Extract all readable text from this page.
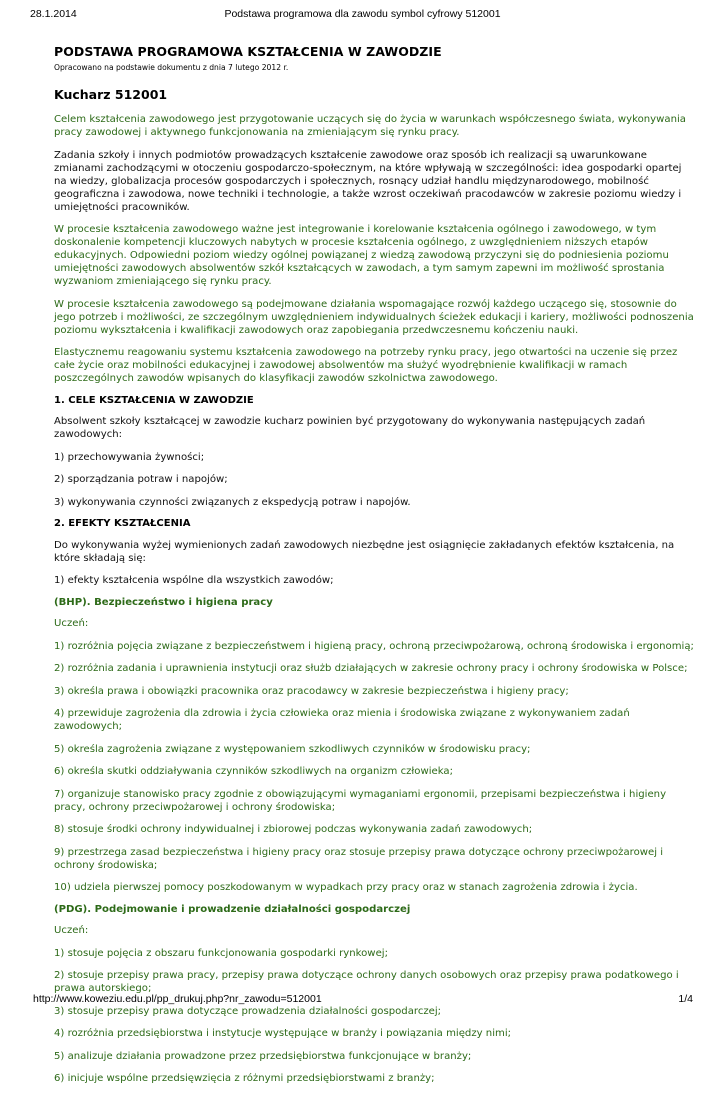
28.1.2014	Podstawa programowa dla zawodu symbol cyfrowy 512001
PODSTAWA PROGRAMOWA KSZTAŁCENIA W ZAWODZIE
Opracowano na podstawie dokumentu z dnia 7 lutego 2012 r.
Kucharz 512001

Celem kształcenia zawodowego jest przygotowanie uczących się do życia w warunkach współczesnego świata, wykonywania pracy zawodowej i aktywnego funkcjonowania na zmieniającym się rynku pracy.

Zadania szkoły i innych podmiotów prowadzących kształcenie zawodowe oraz sposób ich realizacji są uwarunkowane zmianami zachodzącymi w otoczeniu gospodarczo-społecznym, na które wpływają w szczególności: idea gospodarki opartej na wiedzy, globalizacja procesów gospodarczych i społecznych, rosnący udział handlu międzynarodowego, mobilność geograficzna i zawodowa, nowe techniki i technologie, a także wzrost oczekiwań pracodawców w zakresie poziomu wiedzy i umiejętności pracowników.

W procesie kształcenia zawodowego ważne jest integrowanie i korelowanie kształcenia ogólnego i zawodowego, w tym doskonalenie kompetencji kluczowych nabytych w procesie kształcenia ogólnego, z uwzględnieniem niższych etapów edukacyjnych. Odpowiedni poziom wiedzy ogólnej powiązanej z wiedzą zawodową przyczyni się do podniesienia poziomu umiejętności zawodowych absolwentów szkół kształcących w zawodach, a tym samym zapewni im możliwość sprostania wyzwaniom zmieniającego się rynku pracy.

W procesie kształcenia zawodowego są podejmowane działania wspomagające rozwój każdego uczącego się, stosownie do jego potrzeb i możliwości, ze szczególnym uwzględnieniem indywidualnych ścieżek edukacji i kariery, możliwości podnoszenia poziomu wykształcenia i kwalifikacji zawodowych oraz zapobiegania przedwczesnemu kończeniu nauki.

Elastycznemu reagowaniu systemu kształcenia zawodowego na potrzeby rynku pracy, jego otwartości na uczenie się przez całe życie oraz mobilności edukacyjnej i zawodowej absolwentów ma służyć wyodrębnienie kwalifikacji w ramach poszczególnych zawodów wpisanych do klasyfikacji zawodów szkolnictwa zawodowego.

1. CELE KSZTAŁCENIA W ZAWODZIE

Absolwent szkoły kształcącej w zawodzie kucharz powinien być przygotowany do wykonywania następujących zadań zawodowych:

1) przechowywania żywności;

2) sporządzania potraw i napojów;

3) wykonywania czynności związanych z ekspedycją potraw i napojów.

2. EFEKTY KSZTAŁCENIA

Do wykonywania wyżej wymienionych zadań zawodowych niezbędne jest osiągnięcie zakładanych efektów kształcenia, na które składają się:

1) efekty kształcenia wspólne dla wszystkich zawodów;

(BHP). Bezpieczeństwo i higiena pracy

Uczeń:

1) rozróżnia pojęcia związane z bezpieczeństwem i higieną pracy, ochroną przeciwpożarową, ochroną środowiska i ergonomią;

2) rozróżnia zadania i uprawnienia instytucji oraz służb działających w zakresie ochrony pracy i ochrony środowiska w Polsce;

3) określa prawa i obowiązki pracownika oraz pracodawcy w zakresie bezpieczeństwa i higieny pracy;

4) przewiduje zagrożenia dla zdrowia i życia człowieka oraz mienia i środowiska związane z wykonywaniem zadań zawodowych;

5) określa zagrożenia związane z występowaniem szkodliwych czynników w środowisku pracy;

6) określa skutki oddziaływania czynników szkodliwych na organizm człowieka;

7) organizuje stanowisko pracy zgodnie z obowiązującymi wymaganiami ergonomii, przepisami bezpieczeństwa i higieny pracy, ochrony przeciwpożarowej i ochrony środowiska;

8) stosuje środki ochrony indywidualnej i zbiorowej podczas wykonywania zadań zawodowych;

9) przestrzega zasad bezpieczeństwa i higieny pracy oraz stosuje przepisy prawa dotyczące ochrony przeciwpożarowej i ochrony środowiska;

10) udziela pierwszej pomocy poszkodowanym w wypadkach przy pracy oraz w stanach zagrożenia zdrowia i życia.

(PDG). Podejmowanie i prowadzenie działalności gospodarczej

Uczeń:

1) stosuje pojęcia z obszaru funkcjonowania gospodarki rynkowej;

2) stosuje przepisy prawa pracy, przepisy prawa dotyczące ochrony danych osobowych oraz przepisy prawa podatkowego i prawa autorskiego;

3) stosuje przepisy prawa dotyczące prowadzenia działalności gospodarczej;

4) rozróżnia przedsiębiorstwa i instytucje występujące w branży i powiązania między nimi;

5) analizuje działania prowadzone przez przedsiębiorstwa funkcjonujące w branży;

6) inicjuje wspólne przedsięwzięcia z różnymi przedsiębiorstwami z branży;

http://www.koweziu.edu.pl/pp_drukuj.php?nr_zawodu=512001	1/4
